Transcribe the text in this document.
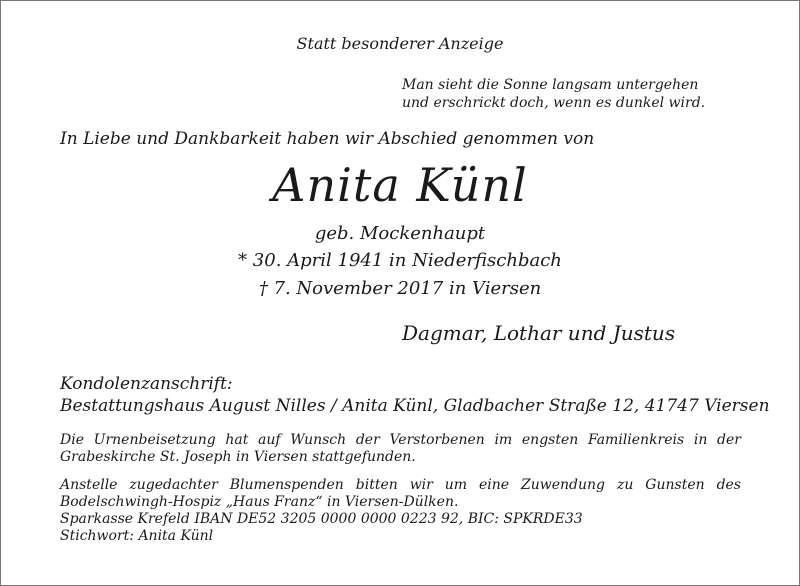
Statt besonderer Anzeige
Man sieht die Sonne langsam untergehen
und erschrickt doch, wenn es dunkel wird.
In Liebe und Dankbarkeit haben wir Abschied genommen von
Anita Künl
geb. Mockenhaupt
* 30. April 1941 in Niederfischbach
† 7. November 2017 in Viersen
Dagmar, Lothar und Justus
Kondolenzanschrift:
Bestattungshaus August Nilles / Anita Künl, Gladbacher Straße 12, 41747 Viersen
Die Urnenbeisetzung hat auf Wunsch der Verstorbenen im engsten Familienkreis in der
Grabeskirche St. Joseph in Viersen stattgefunden.
Anstelle zugedachter Blumenspenden bitten wir um eine Zuwendung zu Gunsten des
Bodelschwingh-Hospiz „Haus Franz“ in Viersen-Dülken.
Sparkasse Krefeld IBAN DE52 3205 0000 0000 0223 92, BIC: SPKRDE33
Stichwort: Anita Künl
